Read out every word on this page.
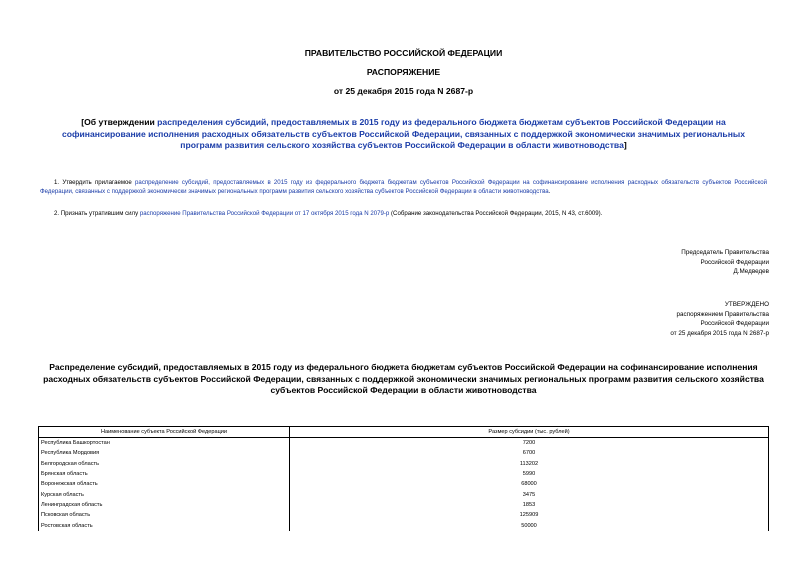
ПРАВИТЕЛЬСТВО РОССИЙСКОЙ ФЕДЕРАЦИИ
РАСПОРЯЖЕНИЕ
от 25 декабря 2015 года N 2687-р
[Об утверждении распределения субсидий, предоставляемых в 2015 году из федерального бюджета бюджетам субъектов Российской Федерации на софинансирование исполнения расходных обязательств субъектов Российской Федерации, связанных с поддержкой экономически значимых региональных программ развития сельского хозяйства субъектов Российской Федерации в области животноводства]
1. Утвердить прилагаемое распределение субсидий, предоставляемых в 2015 году из федерального бюджета бюджетам субъектов Российской Федерации на софинансирование исполнения расходных обязательств субъектов Российской Федерации, связанных с поддержкой экономически значимых региональных программ развития сельского хозяйства субъектов Российской Федерации в области животноводства.
2. Признать утратившим силу распоряжение Правительства Российской Федерации от 17 октября 2015 года N 2079-р (Собрание законодательства Российской Федерации, 2015, N 43, ст.6009).
Председатель Правительства
Российской Федерации
Д.Медведев
УТВЕРЖДЕНО
распоряжением Правительства
Российской Федерации
от 25 декабря 2015 года N 2687-р
Распределение субсидий, предоставляемых в 2015 году из федерального бюджета бюджетам субъектов Российской Федерации на софинансирование исполнения расходных обязательств субъектов Российской Федерации, связанных с поддержкой экономически значимых региональных программ развития сельского хозяйства субъектов Российской Федерации в области животноводства
Наименование субъекта Российской Федерации	Размер субсидии (тыс. рублей)
Республика Башкортостан	7200
Республика Мордовия	6700
Белгородская область	113202
Брянская область	5990
Воронежская область	68000
Курская область	3475
Ленинградская область	1853
Псковская область	125909
Ростовская область	50000
